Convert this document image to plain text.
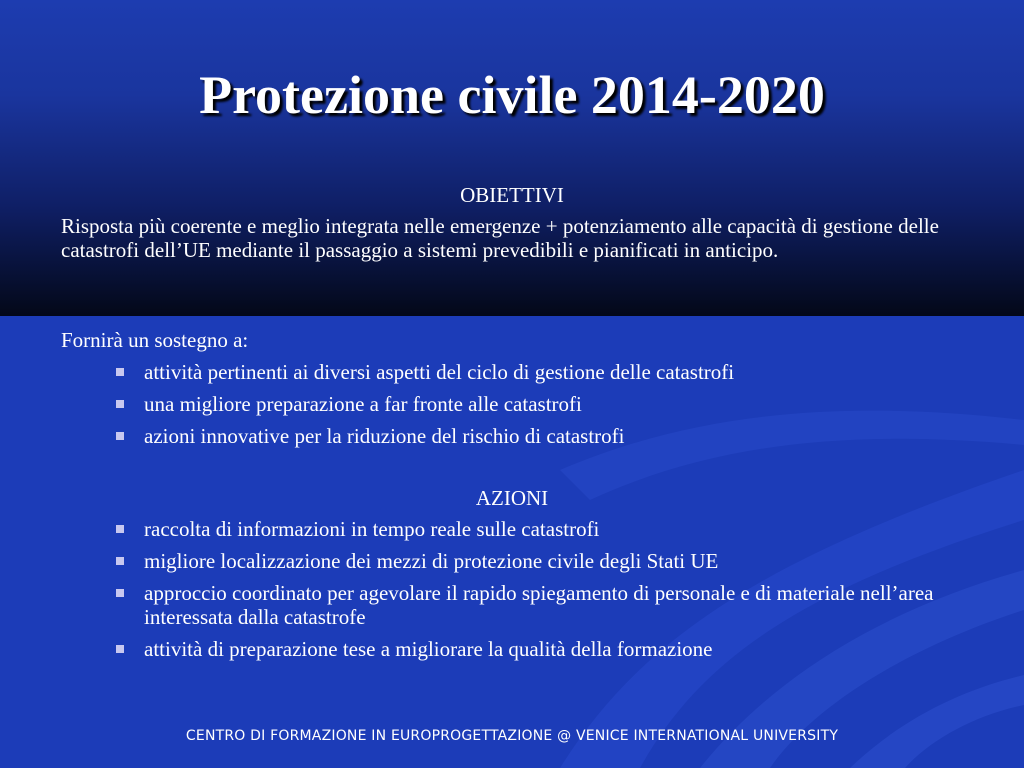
Protezione civile 2014-2020
OBIETTIVI
Risposta più coerente e meglio integrata nelle emergenze + potenziamento alle capacità di gestione delle catastrofi dell’UE mediante il passaggio a sistemi prevedibili e pianificati in anticipo.
Fornirà un sostegno a:
attività pertinenti ai diversi aspetti del ciclo di gestione delle catastrofi
una migliore preparazione a far fronte alle catastrofi
azioni innovative per la riduzione del rischio di catastrofi
AZIONI
raccolta di informazioni in tempo reale sulle catastrofi
migliore localizzazione dei mezzi di protezione civile degli Stati UE
approccio coordinato per agevolare il rapido spiegamento di personale e di materiale nell’area interessata dalla catastrofe
attività di preparazione tese a migliorare la qualità della formazione
CENTRO DI FORMAZIONE IN EUROPROGETTAZIONE @ VENICE INTERNATIONAL UNIVERSITY
